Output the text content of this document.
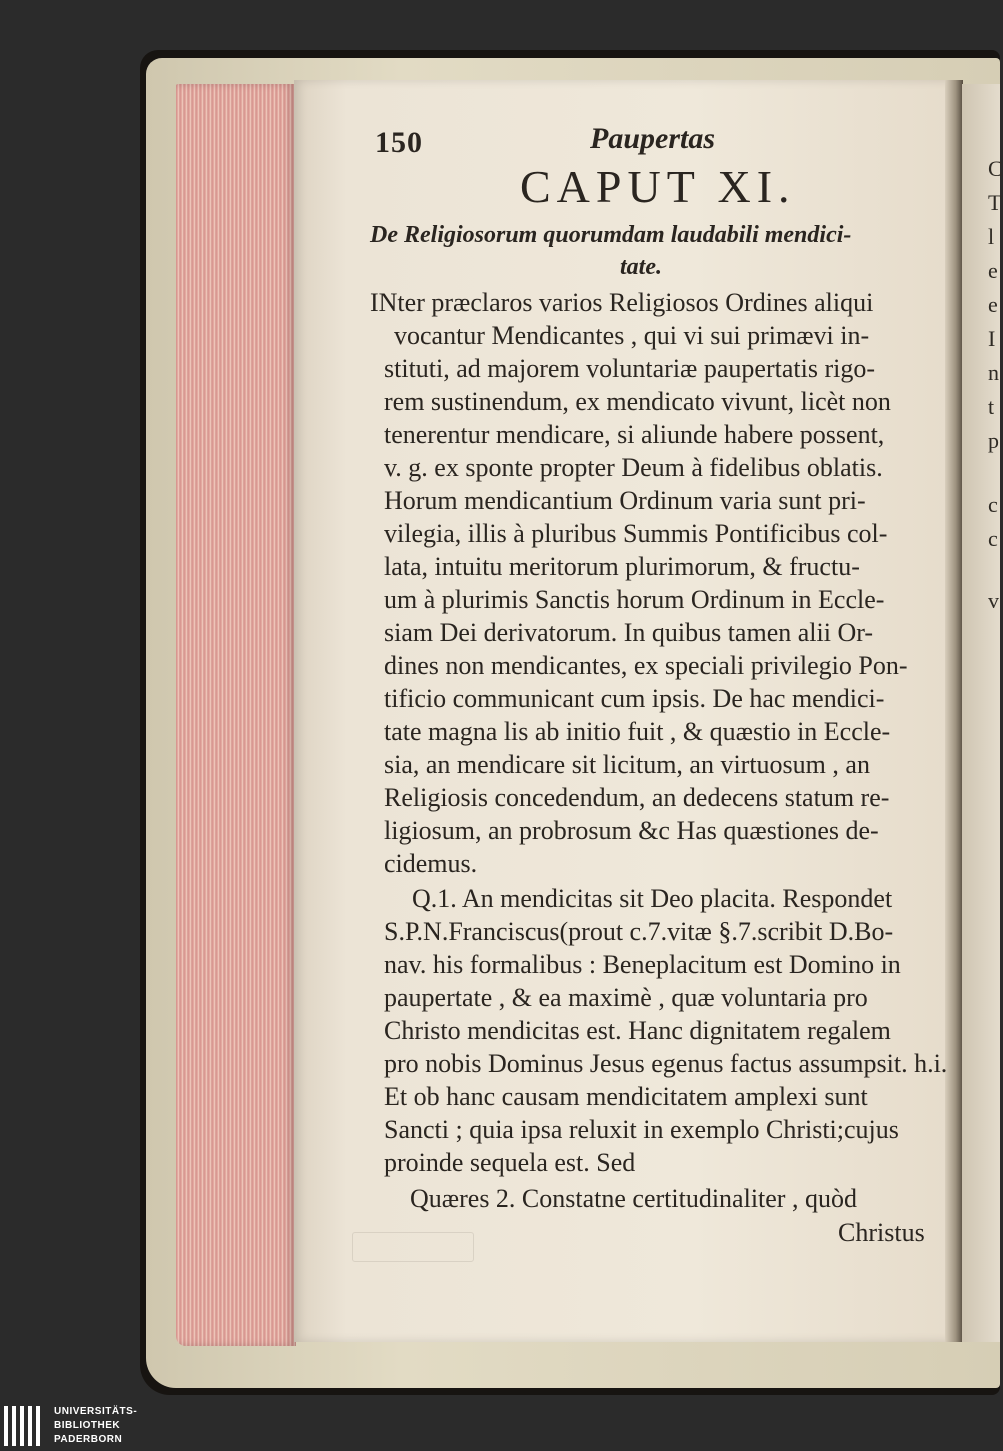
C
T
l
e
e
I
n
t
p
c
c
v
150	Paupertas
CAPUT XI.
De Religiosorum quorumdam laudabili mendici-
tate.
INter præclaros varios Religiosos Ordines aliqui
vocantur Mendicantes , qui vi sui primævi in-
stituti, ad majorem voluntariæ paupertatis rigo-
rem sustinendum, ex mendicato vivunt, licèt non
tenerentur mendicare, si aliunde habere possent,
v. g. ex sponte propter Deum à fidelibus oblatis.
Horum mendicantium Ordinum varia sunt pri-
vilegia, illis à pluribus Summis Pontificibus col-
lata, intuitu meritorum plurimorum, & fructu-
um à plurimis Sanctis horum Ordinum in Eccle-
siam Dei derivatorum. In quibus tamen alii Or-
dines non mendicantes, ex speciali privilegio Pon-
tificio communicant cum ipsis. De hac mendici-
tate magna lis ab initio fuit , & quæstio in Eccle-
sia, an mendicare sit licitum, an virtuosum , an
Religiosis concedendum, an dedecens statum re-
ligiosum, an probrosum &c Has quæstiones de-
cidemus.
Q.1. An mendicitas sit Deo placita. Respondet
S.P.N.Franciscus(prout c.7.vitæ §.7.scribit D.Bo-
nav. his formalibus : Beneplacitum est Domino in
paupertate , & ea maximè , quæ voluntaria pro
Christo mendicitas est. Hanc dignitatem regalem
pro nobis Dominus Jesus egenus factus assumpsit. h.i.
Et ob hanc causam mendicitatem amplexi sunt
Sancti ; quia ipsa reluxit in exemplo Christi;cujus
proinde sequela est. Sed
Quæres 2. Constatne certitudinaliter , quòd
Christus
UNIVERSITÄTS-
BIBLIOTHEK
PADERBORN
